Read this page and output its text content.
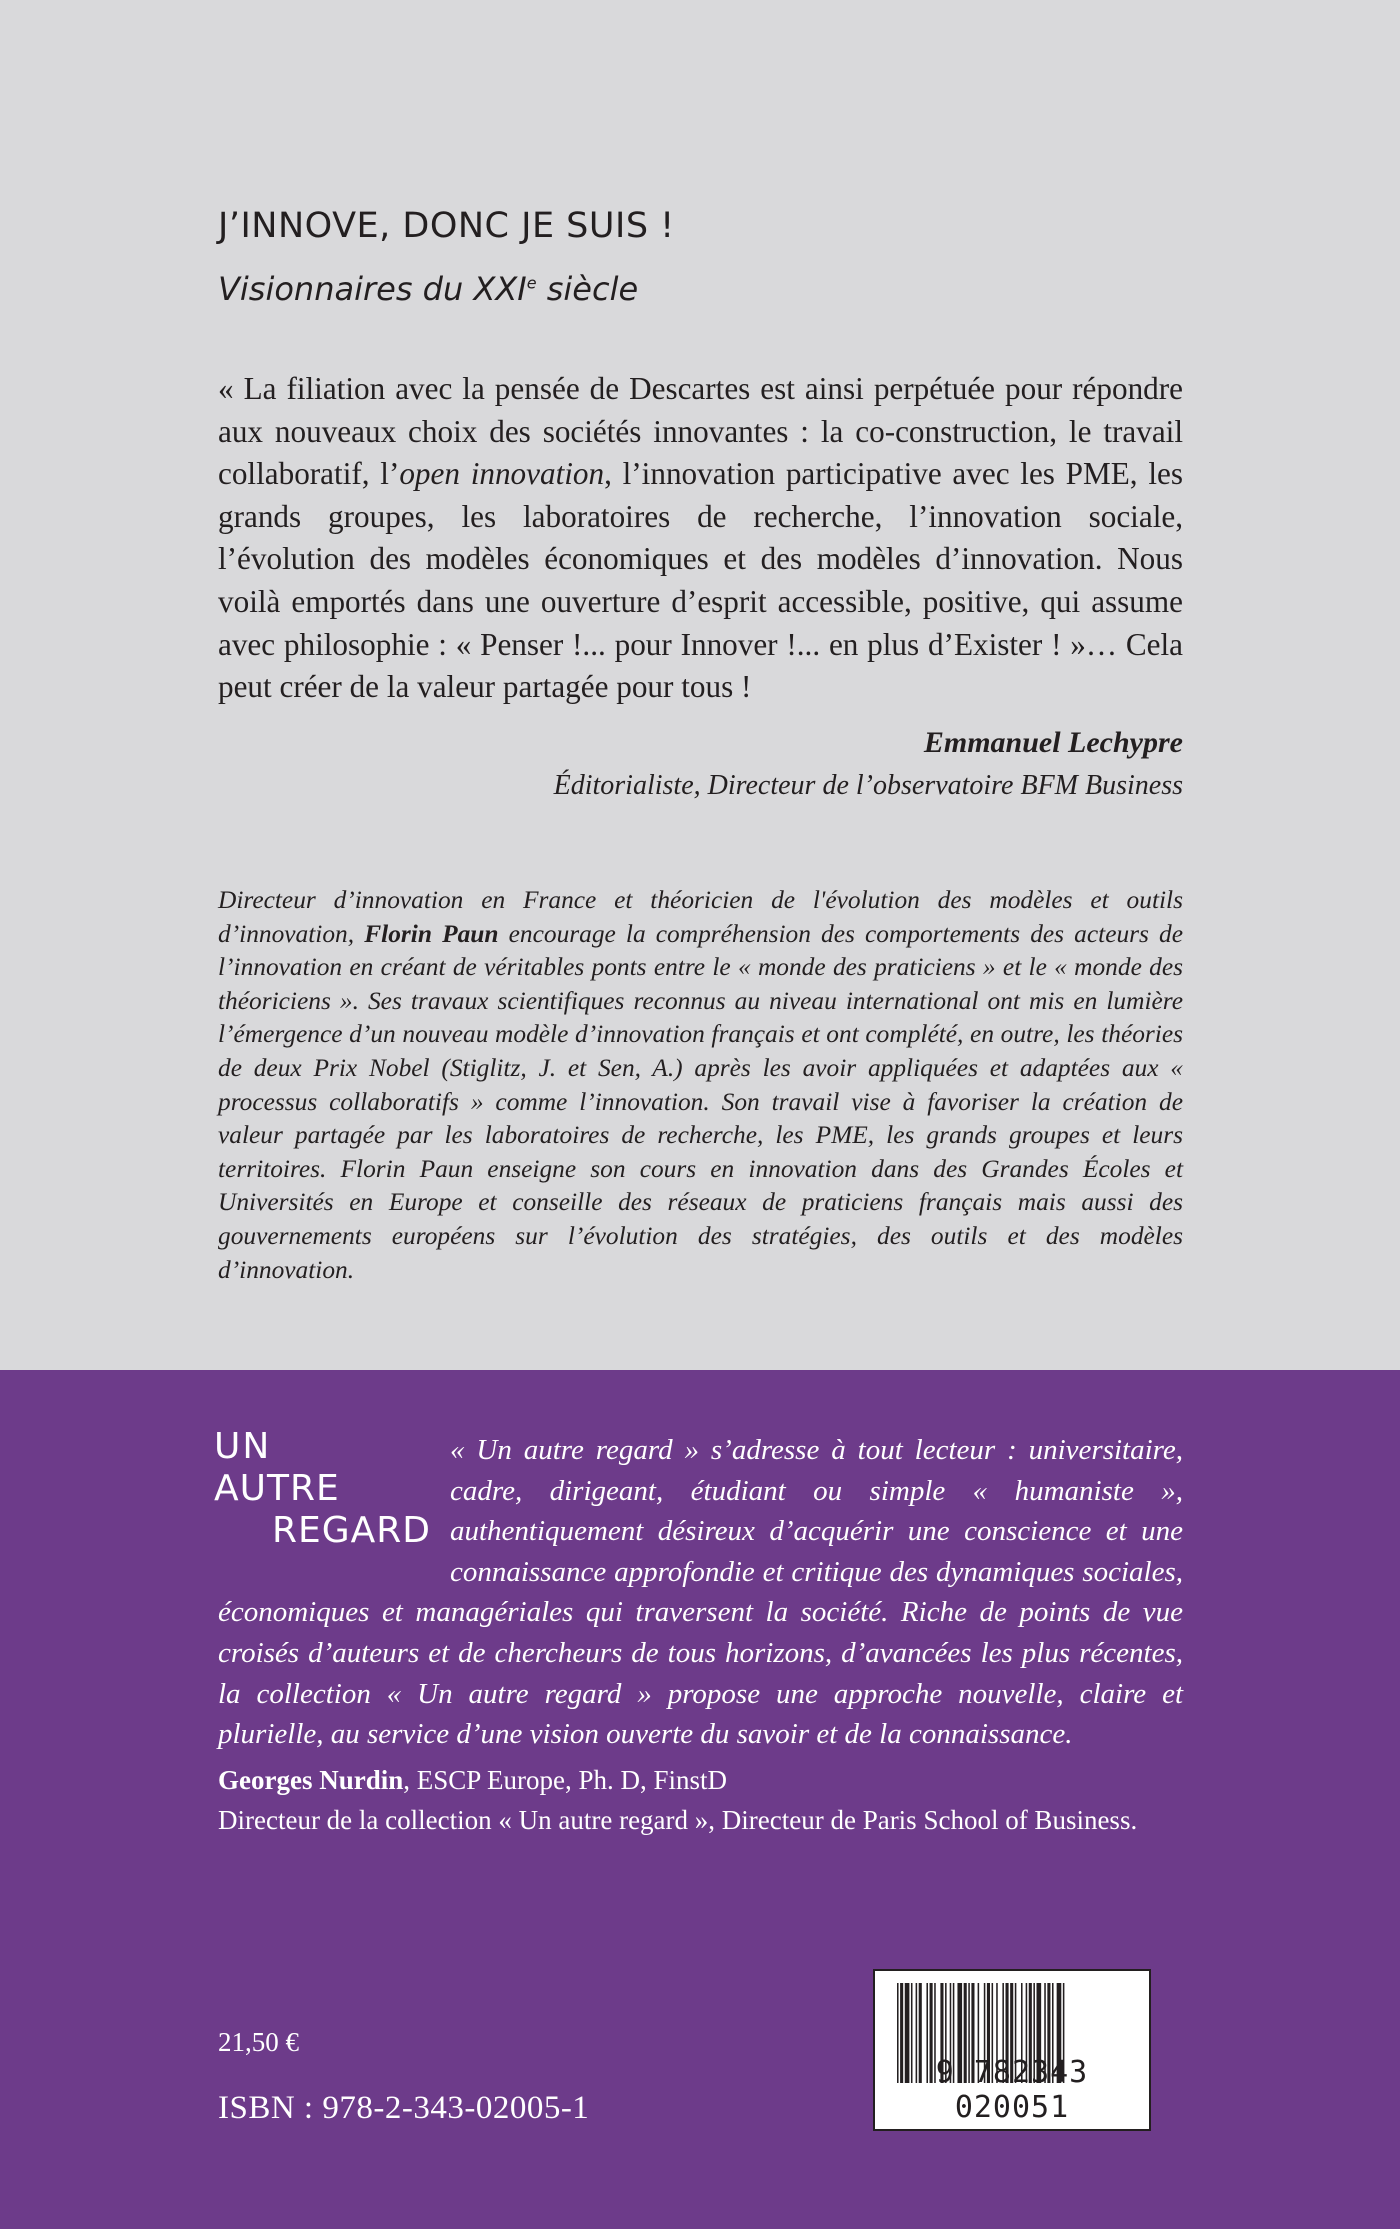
J’INNOVE, DONC JE SUIS !
Visionnaires du XXIe siècle

« La filiation avec la pensée de Descartes est ainsi perpétuée pour répondre aux nouveaux choix des sociétés innovantes : la co-construction, le travail collaboratif, l’open innovation, l’innovation participative avec les PME, les grands groupes, les laboratoires de recherche, l’innovation sociale, l’évolution des modèles économiques et des modèles d’innovation. Nous voilà emportés dans une ouverture d’esprit accessible, positive, qui assume avec philosophie : « Penser !... pour Innover !... en plus d’Exister ! »… Cela peut créer de la valeur partagée pour tous !

Emmanuel Lechypre
Éditorialiste, Directeur de l’observatoire BFM Business

Directeur d’innovation en France et théoricien de l'évolution des modèles et outils d’innovation, Florin Paun encourage la compréhension des comportements des acteurs de l’innovation en créant de véritables ponts entre le « monde des praticiens » et le « monde des théoriciens ». Ses travaux scientifiques reconnus au niveau international ont mis en lumière l’émergence d’un nouveau modèle d’innovation français et ont complété, en outre, les théories de deux Prix Nobel (Stiglitz, J. et Sen, A.) après les avoir appliquées et adaptées aux « processus collaboratifs » comme l’innovation. Son travail vise à favoriser la création de valeur partagée par les laboratoires de recherche, les PME, les grands groupes et leurs territoires. Florin Paun enseigne son cours en innovation dans des Grandes Écoles et Universités en Europe et conseille des réseaux de praticiens français mais aussi des gouvernements européens sur l’évolution des stratégies, des outils et des modèles d’innovation.

UN
AUTRE
REGARD

« Un autre regard » s’adresse à tout lecteur : universitaire, cadre, dirigeant, étudiant ou simple « humaniste », authentiquement désireux d’acquérir une conscience et une connaissance approfondie et critique des dynamiques sociales, économiques et managériales qui traversent la société. Riche de points de vue croisés d’auteurs et de chercheurs de tous horizons, d’avancées les plus récentes, la collection « Un autre regard » propose une approche nouvelle, claire et plurielle, au service d’une vision ouverte du savoir et de la connaissance.

Georges Nurdin, ESCP Europe, Ph. D, FinstD
Directeur de la collection « Un autre regard », Directeur de Paris School of Business.
21,50 €
ISBN : 978-2-343-02005-1
9 782343 020051
